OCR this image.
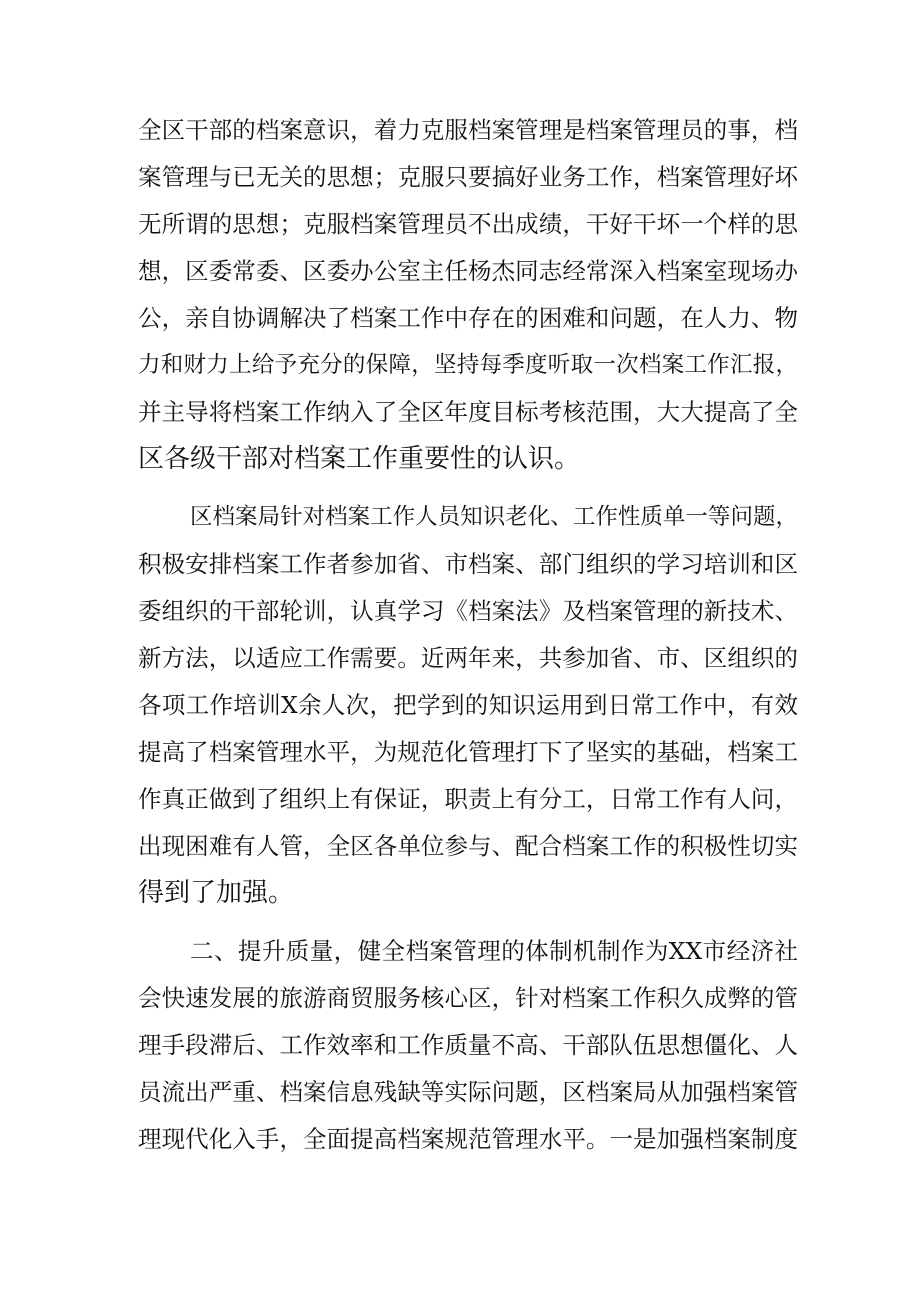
全区干部的档案意识，着力克服档案管理是档案管理员的事，档
案管理与已无关的思想；克服只要搞好业务工作，档案管理好坏
无所谓的思想；克服档案管理员不出成绩，干好干坏一个样的思
想，区委常委、区委办公室主任杨杰同志经常深入档案室现场办
公，亲自协调解决了档案工作中存在的困难和问题，在人力、物
力和财力上给予充分的保障，坚持每季度听取一次档案工作汇报，
并主导将档案工作纳入了全区年度目标考核范围，大大提高了全
区各级干部对档案工作重要性的认识。
区档案局针对档案工作人员知识老化、工作性质单一等问题，
积极安排档案工作者参加省、市档案、部门组织的学习培训和区
委组织的干部轮训，认真学习《档案法》及档案管理的新技术、
新方法，以适应工作需要。近两年来，共参加省、市、区组织的
各项工作培训X余人次，把学到的知识运用到日常工作中，有效
提高了档案管理水平，为规范化管理打下了坚实的基础，档案工
作真正做到了组织上有保证，职责上有分工，日常工作有人问，
出现困难有人管，全区各单位参与、配合档案工作的积极性切实
得到了加强。
二、提升质量，健全档案管理的体制机制作为XX市经济社
会快速发展的旅游商贸服务核心区，针对档案工作积久成弊的管
理手段滞后、工作效率和工作质量不高、干部队伍思想僵化、人
员流出严重、档案信息残缺等实际问题，区档案局从加强档案管
理现代化入手，全面提高档案规范管理水平。一是加强档案制度
